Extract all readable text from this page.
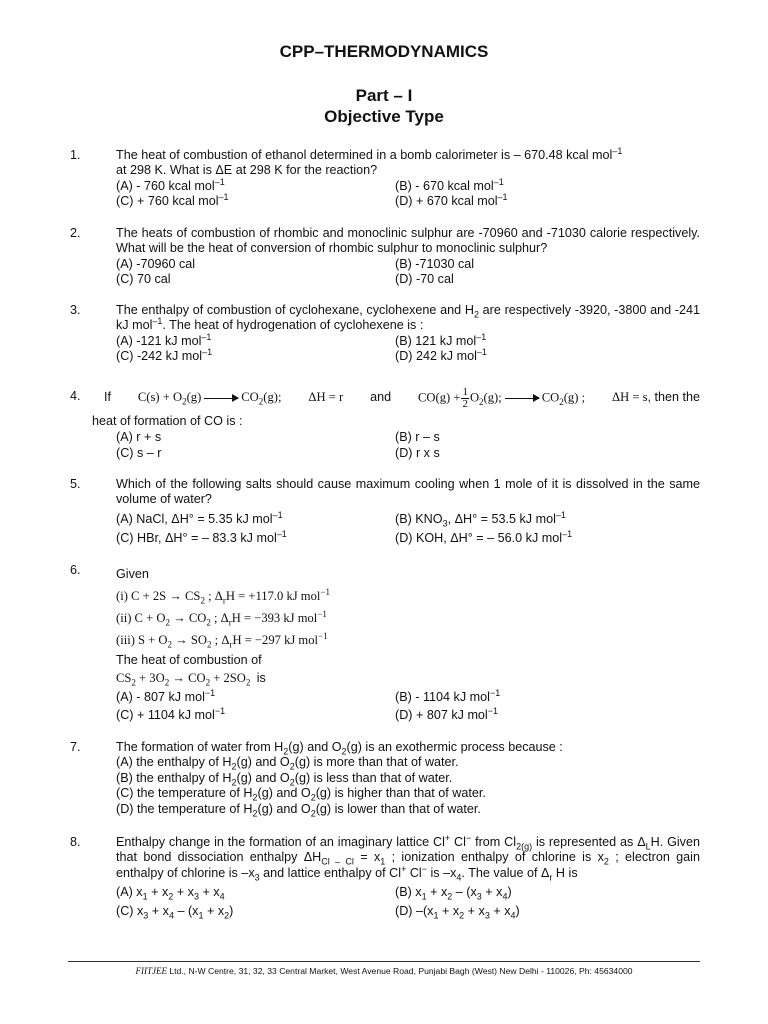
CPP–THERMODYNAMICS
Part – I
Objective Type
1.	The heat of combustion of ethanol determined in a bomb calorimeter is – 670.48 kcal mol$^{-1}$
at 298 K. What is ΔE at 298 K for the reaction?
(A) - 760 kcal mol$^{-1}$	(B) - 670 kcal mol$^{-1}$
(C) + 760 kcal mol$^{-1}$	(D) + 670 kcal mol$^{-1}$
2.	The heats of combustion of rhombic and monoclinic sulphur are -70960 and -71030 calorie respectively. What will be the heat of conversion of rhombic sulphur to monoclinic sulphur?
(A) -70960 cal	(B) -71030 cal
(C) 70 cal	(D) -70 cal
3.	The enthalpy of combustion of cyclohexane, cyclohexene and $H_2$ are respectively -3920, -3800 and -241 kJ mol$^{-1}$. The heat of hydrogenation of cyclohexene is :
(A) -121 kJ mol$^{-1}$	(B) 121 kJ mol$^{-1}$
(C) -242 kJ mol$^{-1}$	(D) 242 kJ mol$^{-1}$
4. If $C(s) + O_2(g)$	$CO_2(g)$; ΔH = r and $CO(g) + \frac{1}{2} O_2(g)$;	$CO_2(g)$ ; ΔH = s, then the
heat of formation of CO is :
(A) r + s	(B) r – s
(C) s – r	(D) r x s
5.	Which of the following salts should cause maximum cooling when 1 mole of it is dissolved in the same volume of water?
(A) NaCl, ΔH° = 5.35 kJ mol$^{-1}$	(B) $KNO_3$, ΔH° = 53.5 kJ mol$^{-1}$
(C) HBr, ΔH° = – 83.3 kJ mol$^{-1}$	(D) KOH, ΔH° = – 56.0 kJ mol$^{-1}$
6.	Given
(i) $C + 2S \to CS_2$ ; $\Delta_rH = +117.0$ kJ mol$^{-1}$
(ii) $C + O_2 \to CO_2$ ; $\Delta_rH = -393$ kJ mol$^{-1}$
(iii) $S + O_2 \to SO_2$ ; $\Delta_rH = -297$ kJ mol$^{-1}$
The heat of combustion of
$CS_2 + 3O_2 \to CO_2 + 2SO_2$ is
(A) - 807 kJ mol$^{-1}$	(B) - 1104 kJ mol$^{-1}$
(C) + 1104 kJ mol$^{-1}$	(D) + 807 kJ mol$^{-1}$
7.	The formation of water from $H_2(g)$ and $O_2(g)$ is an exothermic process because :
(A) the enthalpy of $H_2(g)$ and $O_2(g)$ is more than that of water.
(B) the enthalpy of $H_2(g)$ and $O_2(g)$ is less than that of water.
(C) the temperature of $H_2(g)$ and $O_2(g)$ is higher than that of water.
(D) the temperature of $H_2(g)$ and $O_2(g)$ is lower than that of water.
8.	Enthalpy change in the formation of an imaginary lattice Cl+ Cl− from $Cl_{2(g)}$ is represented as $\Delta_LH$. Given that bond dissociation enthalpy $\Delta H_{Cl - Cl} = x_1$ ; ionization enthalpy of chlorine is $x_2$ ; electron gain enthalpy of chlorine is $-x_3$ and lattice enthalpy of Cl+ Cl− is $-x_4$. The value of $\Delta_r$ H is
(A) $x_1 + x_2 + x_3 + x_4$	(B) $x_1 + x_2 - (x_3 + x_4)$
(C) $x_3 + x_4 - (x_1 + x_2)$	(D) $-(x_1 + x_2 + x_3 + x_4)$
FIITJEE Ltd., N-W Centre, 31, 32, 33 Central Market, West Avenue Road, Punjabi Bagh (West) New Delhi - 110026, Ph: 45634000
